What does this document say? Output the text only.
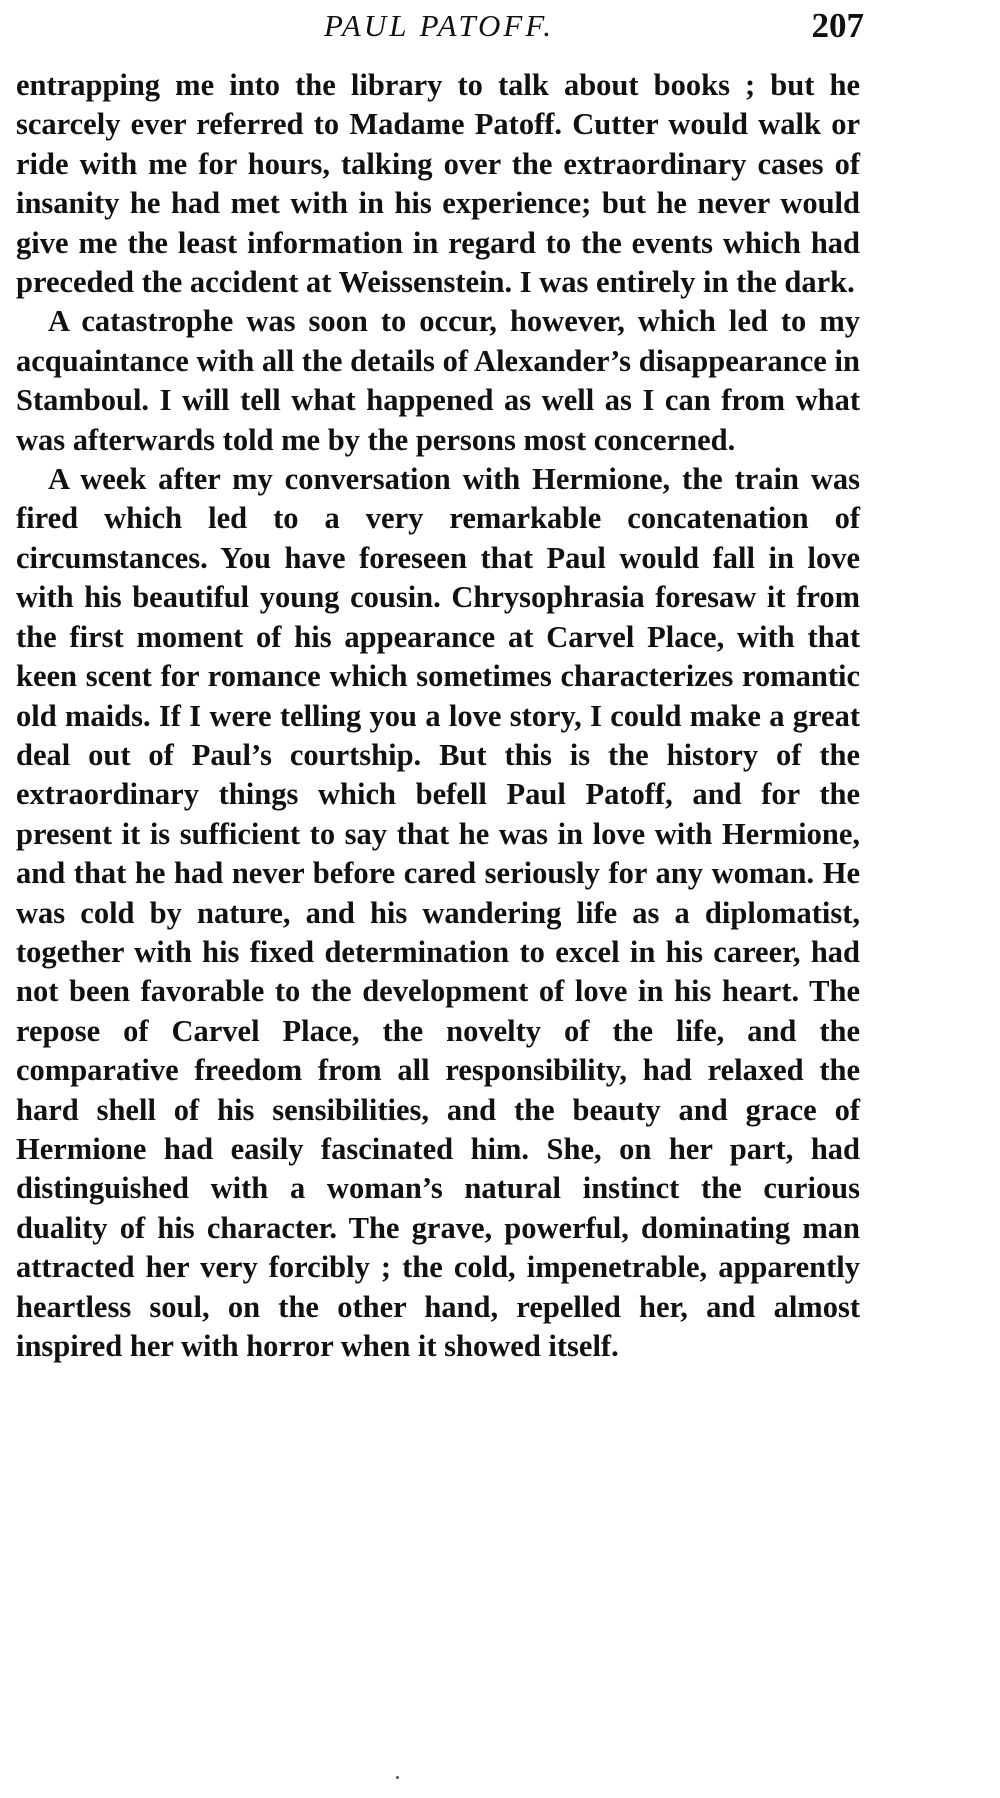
PAUL PATOFF.	207

entrapping me into the library to talk about books ; but he scarcely ever referred to Madame Patoff. Cutter would walk or ride with me for hours, talking over the extraordinary cases of insanity he had met with in his experience; but he never would give me the least information in regard to the events which had preceded the accident at Weissenstein. I was entirely in the dark.

A catastrophe was soon to occur, however, which led to my acquaintance with all the details of Alexander’s disappearance in Stamboul. I will tell what happened as well as I can from what was afterwards told me by the persons most concerned.

A week after my conversation with Hermione, the train was fired which led to a very remarkable concatenation of circumstances. You have foreseen that Paul would fall in love with his beautiful young cousin. Chrysophrasia foresaw it from the first moment of his appearance at Carvel Place, with that keen scent for romance which sometimes characterizes romantic old maids. If I were telling you a love story, I could make a great deal out of Paul’s courtship. But this is the history of the extraordinary things which befell Paul Patoff, and for the present it is sufficient to say that he was in love with Hermione, and that he had never before cared seriously for any woman. He was cold by nature, and his wandering life as a diplomatist, together with his fixed determination to excel in his career, had not been favorable to the development of love in his heart. The repose of Carvel Place, the novelty of the life, and the comparative freedom from all responsibility, had relaxed the hard shell of his sensibilities, and the beauty and grace of Hermione had easily fascinated him. She, on her part, had distinguished with a woman’s natural instinct the curious duality of his character. The grave, powerful, dominating man attracted her very forcibly ; the cold, impenetrable, apparently heartless soul, on the other hand, repelled her, and almost inspired her with horror when it showed itself.
